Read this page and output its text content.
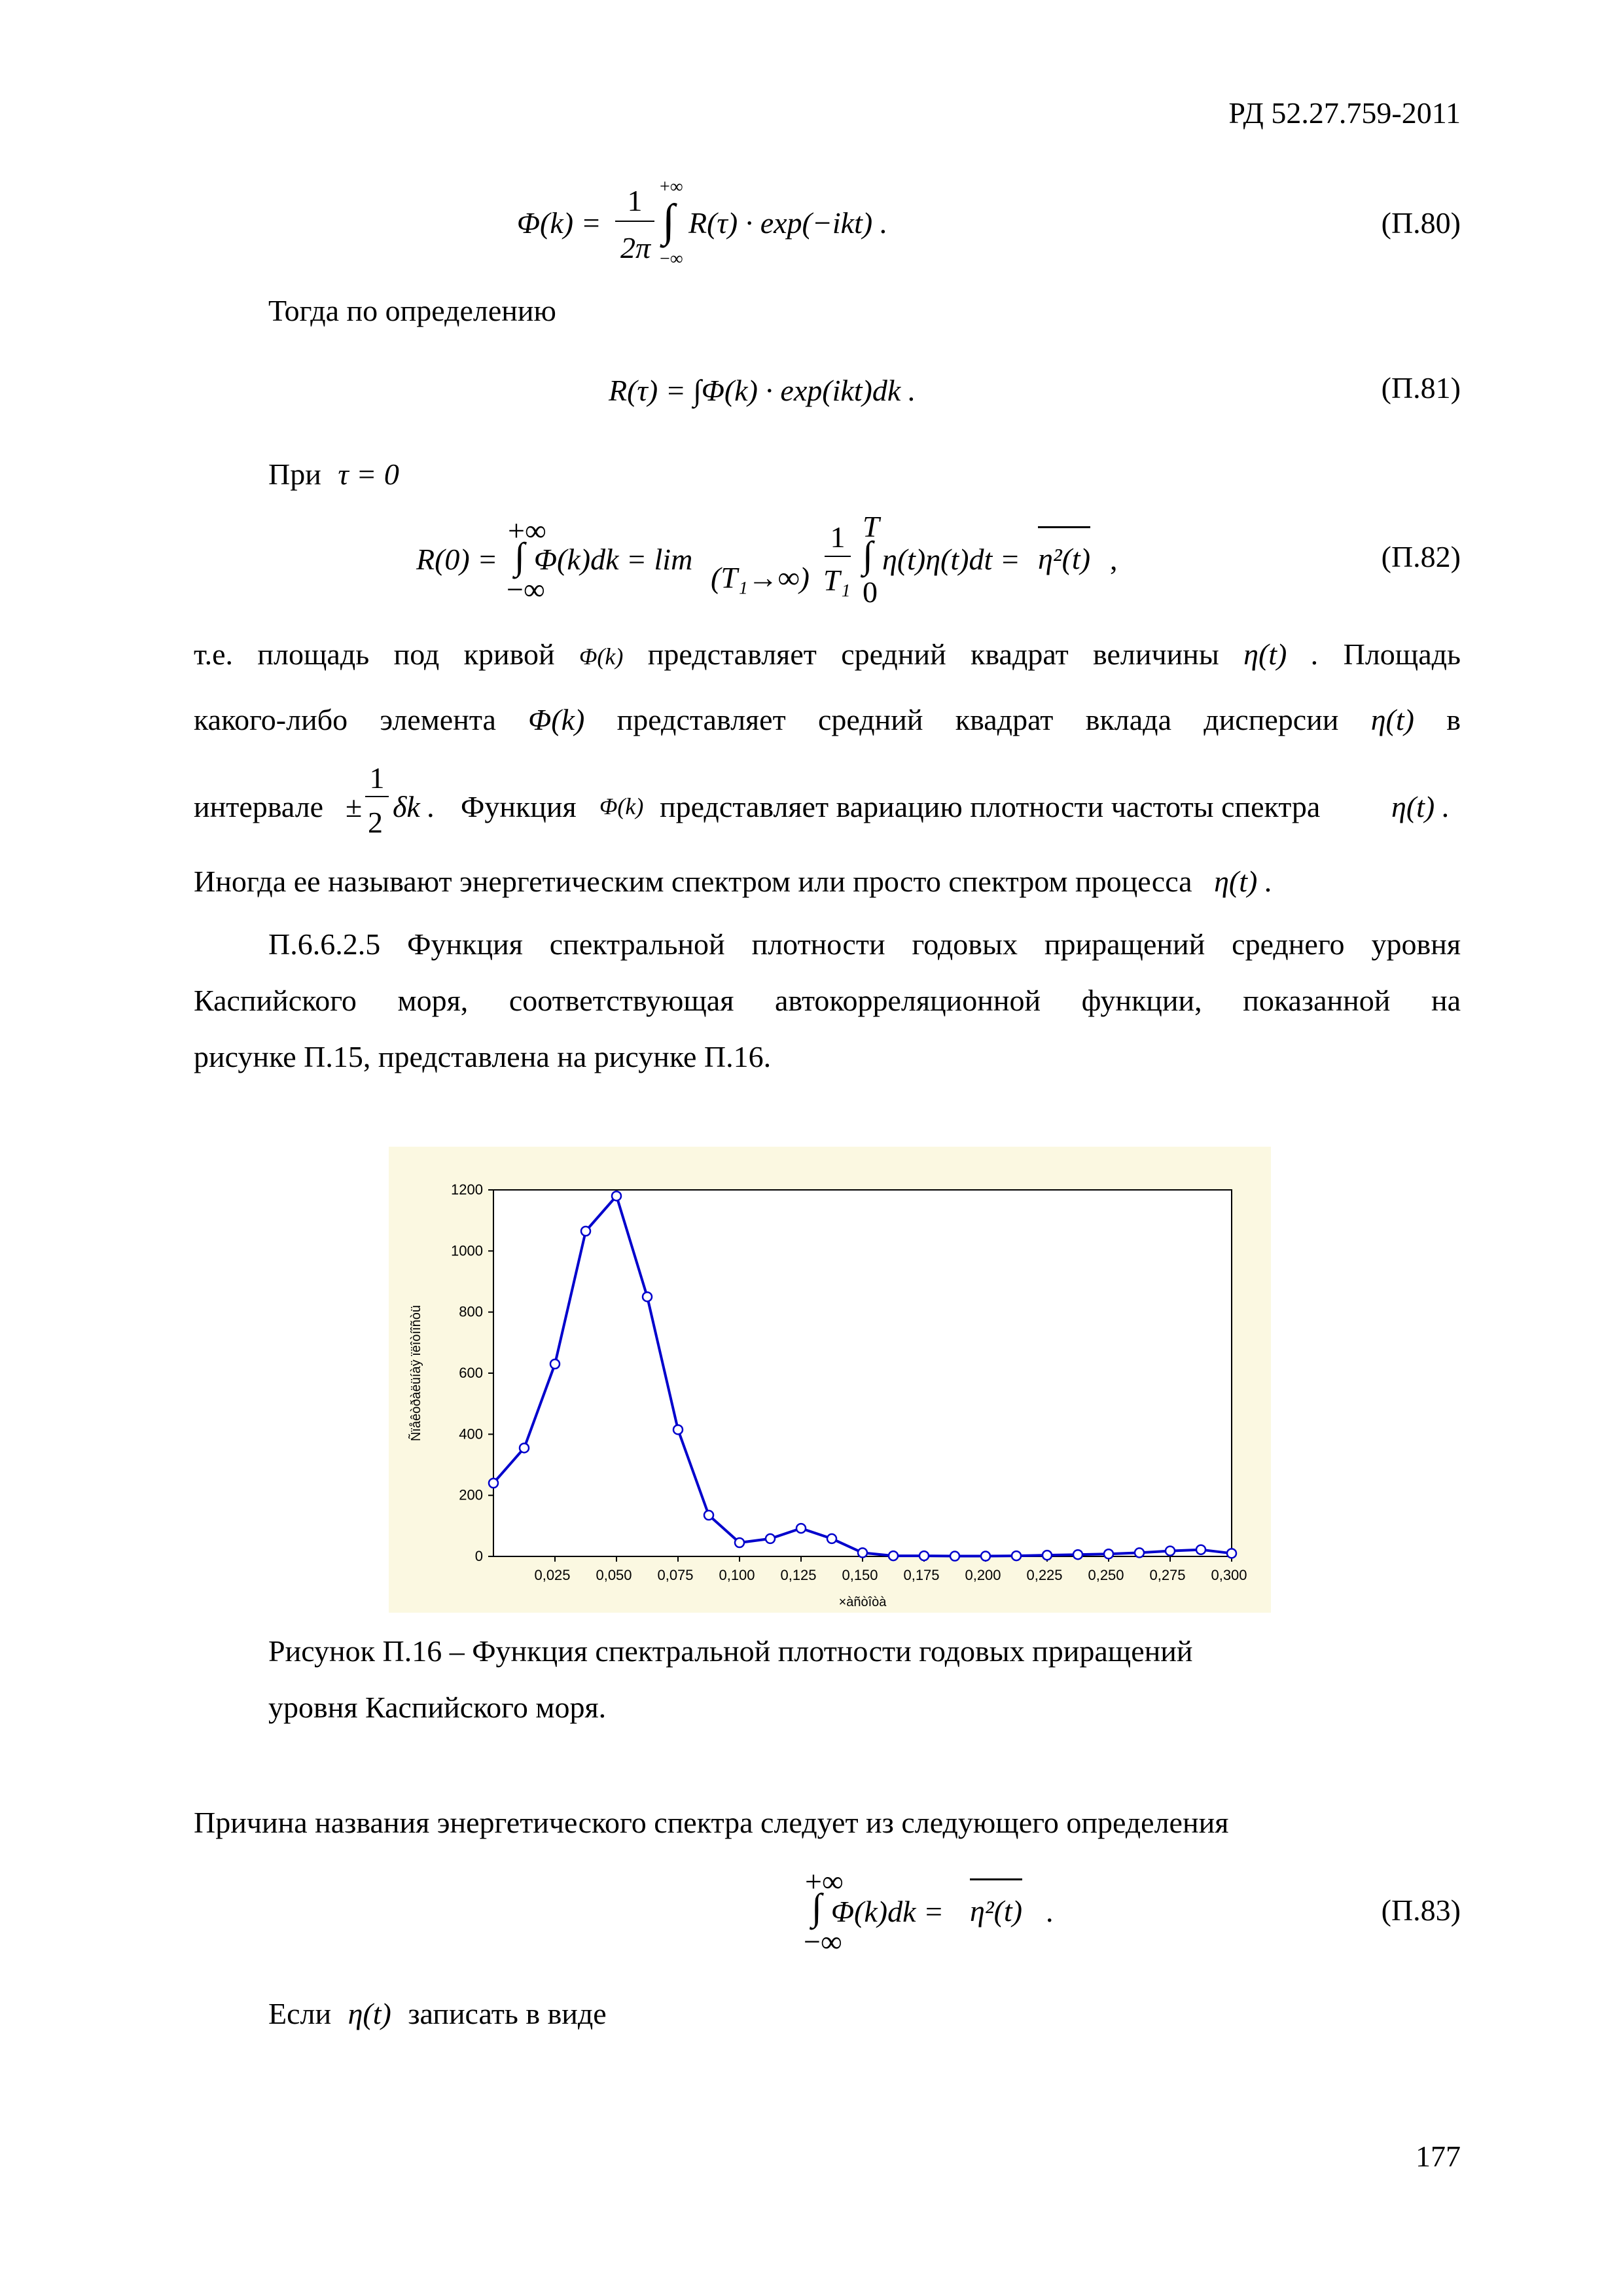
РД 52.27.759-2011
Φ(k) =
1
2π
+∞
∫
−∞
R(τ) · exp(−ikt) .	(П.80)
Тогда по определению
R(τ) = ∫Φ(k) · exp(ikt)dk .	(П.81)
При τ = 0
R(0) =
+∞
∫
−∞
Φ(k)dk = lim
(T₁→∞)
1
T₁
T
∫
0
η(t)η(t)dt = η²(t) ,	(П.82)
т.е. площадь под кривой Φ(k) представляет средний квадрат величины η(t) . Площадь
какого-либо элемента Φ(k) представляет средний квадрат вклада дисперсии η(t) в
интервале ±
1
2 δk . Функция Φ(k) представляет вариацию плотности частоты спектра η(t) .
Иногда ее называют энергетическим спектром или просто спектром процесса η(t) .
П.6.6.2.5 Функция спектральной плотности годовых приращений среднего уровня
Каспийского моря, соответствующая автокорреляционной функции, показанной на
рисунке П.15, представлена на рисунке П.16.
0
200
400
600
800
1000
1200
0,025 0,050 0,075 0,100 0,125 0,150 0,175 0,200 0,225 0,250 0,275 0,300
×àñòîòà
Ñïåêòðàëüíàÿ ïëîòíîñòü
Рисунок П.16 – Функция спектральной плотности годовых приращений
уровня Каспийского моря.
Причина названия энергетического спектра следует из следующего определения
+∞
∫
−∞
Φ(k)dk = η²(t) .	(П.83)
Если η(t) записать в виде
177
